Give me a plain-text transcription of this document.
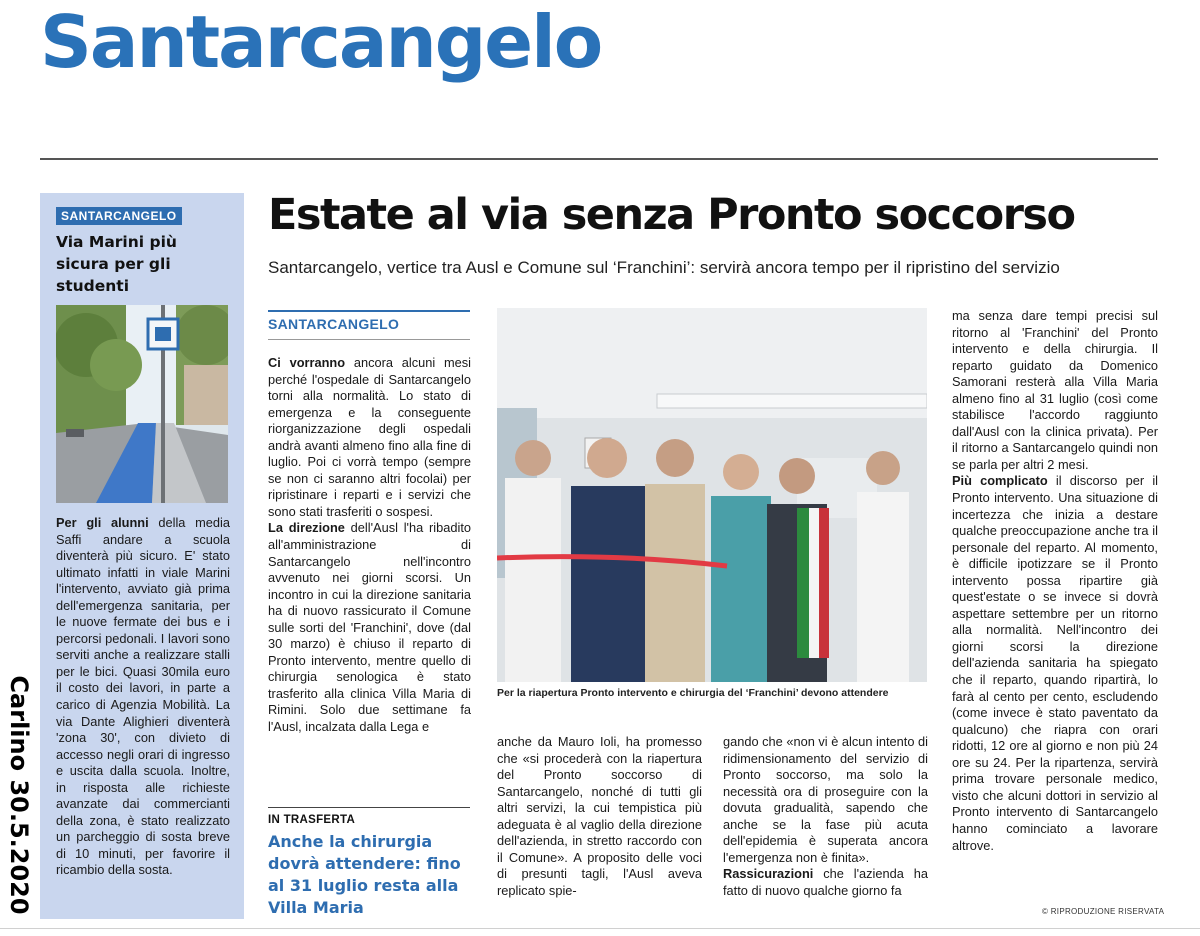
Santarcangelo
Carlino 30.5.2020
SANTARCANGELO
Via Marini più sicura per gli studenti
Per gli alunni della media Saffi andare a scuola diventerà più sicuro. E' stato ultimato infatti in viale Marini l'intervento, avviato già prima dell'emergenza sanitaria, per le nuove fermate dei bus e i percorsi pedonali. I lavori sono serviti anche a realizzare stalli per le bici. Quasi 30mila euro il costo dei lavori, in parte a carico di Agenzia Mobilità. La via Dante Alighieri diventerà 'zona 30', con divieto di accesso negli orari di ingresso e uscita dalla scuola. Inoltre, in risposta alle richieste avanzate dai commercianti della zona, è stato realizzato un parcheggio di sosta breve di 10 minuti, per favorire il ricambio della sosta.
Estate al via senza Pronto soccorso
Santarcangelo, vertice tra Ausl e Comune sul ‘Franchini’: servirà ancora tempo per il ripristino del servizio
SANTARCANGELO

Ci vorranno ancora alcuni mesi perché l'ospedale di Santarcangelo torni alla normalità. Lo stato di emergenza e la conseguente riorganizzazione degli ospedali andrà avanti almeno fino alla fine di luglio. Poi ci vorrà tempo (sempre se non ci saranno altri focolai) per ripristinare i reparti e i servizi che sono stati trasferiti o sospesi.

La direzione dell'Ausl l'ha ribadito all'amministrazione di Santarcangelo nell'incontro avvenuto nei giorni scorsi. Un incontro in cui la direzione sanitaria ha di nuovo rassicurato il Comune sulle sorti del 'Franchini', dove (dal 30 marzo) è chiuso il reparto di Pronto intervento, mentre quello di chirurgia senologica è stato trasferito alla clinica Villa Maria di Rimini. Solo due settimane fa l'Ausl, incalzata dalla Lega e

IN TRASFERTA
Anche la chirurgia dovrà attendere: fino al 31 luglio resta alla Villa Maria
Per la riapertura Pronto intervento e chirurgia del ‘Franchini’ devono attendere
anche da Mauro Ioli, ha promesso che «si procederà con la riapertura del Pronto soccorso di Santarcangelo, nonché di tutti gli altri servizi, la cui tempistica più adeguata è al vaglio della direzione dell'azienda, in stretto raccordo con il Comune». A proposito delle voci di presunti tagli, l'Ausl aveva replicato spie-
gando che «non vi è alcun intento di ridimensionamento del servizio di Pronto soccorso, ma solo la necessità ora di proseguire con la dovuta gradualità, sapendo che anche se la fase più acuta dell'epidemia è superata ancora l'emergenza non è finita».
Rassicurazioni che l'azienda ha fatto di nuovo qualche giorno fa

ma senza dare tempi precisi sul ritorno al 'Franchini' del Pronto intervento e della chirurgia. Il reparto guidato da Domenico Samorani resterà alla Villa Maria almeno fino al 31 luglio (così come stabilisce l'accordo raggiunto dall'Ausl con la clinica privata). Per il ritorno a Santarcangelo quindi non se parla per altri 2 mesi.

Più complicato il discorso per il Pronto intervento. Una situazione di incertezza che inizia a destare qualche preoccupazione anche tra il personale del reparto. Al momento, è difficile ipotizzare se il Pronto intervento possa ripartire già quest'estate o se invece si dovrà aspettare settembre per un ritorno alla normalità. Nell'incontro dei giorni scorsi la direzione dell'azienda sanitaria ha spiegato che il reparto, quando ripartirà, lo farà al cento per cento, escludendo (come invece è stato paventato da qualcuno) che riapra con orari ridotti, 12 ore al giorno e non più 24 ore su 24. Per la ripartenza, servirà prima trovare personale medico, visto che alcuni dottori in servizio al Pronto intervento di Santarcangelo hanno cominciato a lavorare altrove.

© RIPRODUZIONE RISERVATA
